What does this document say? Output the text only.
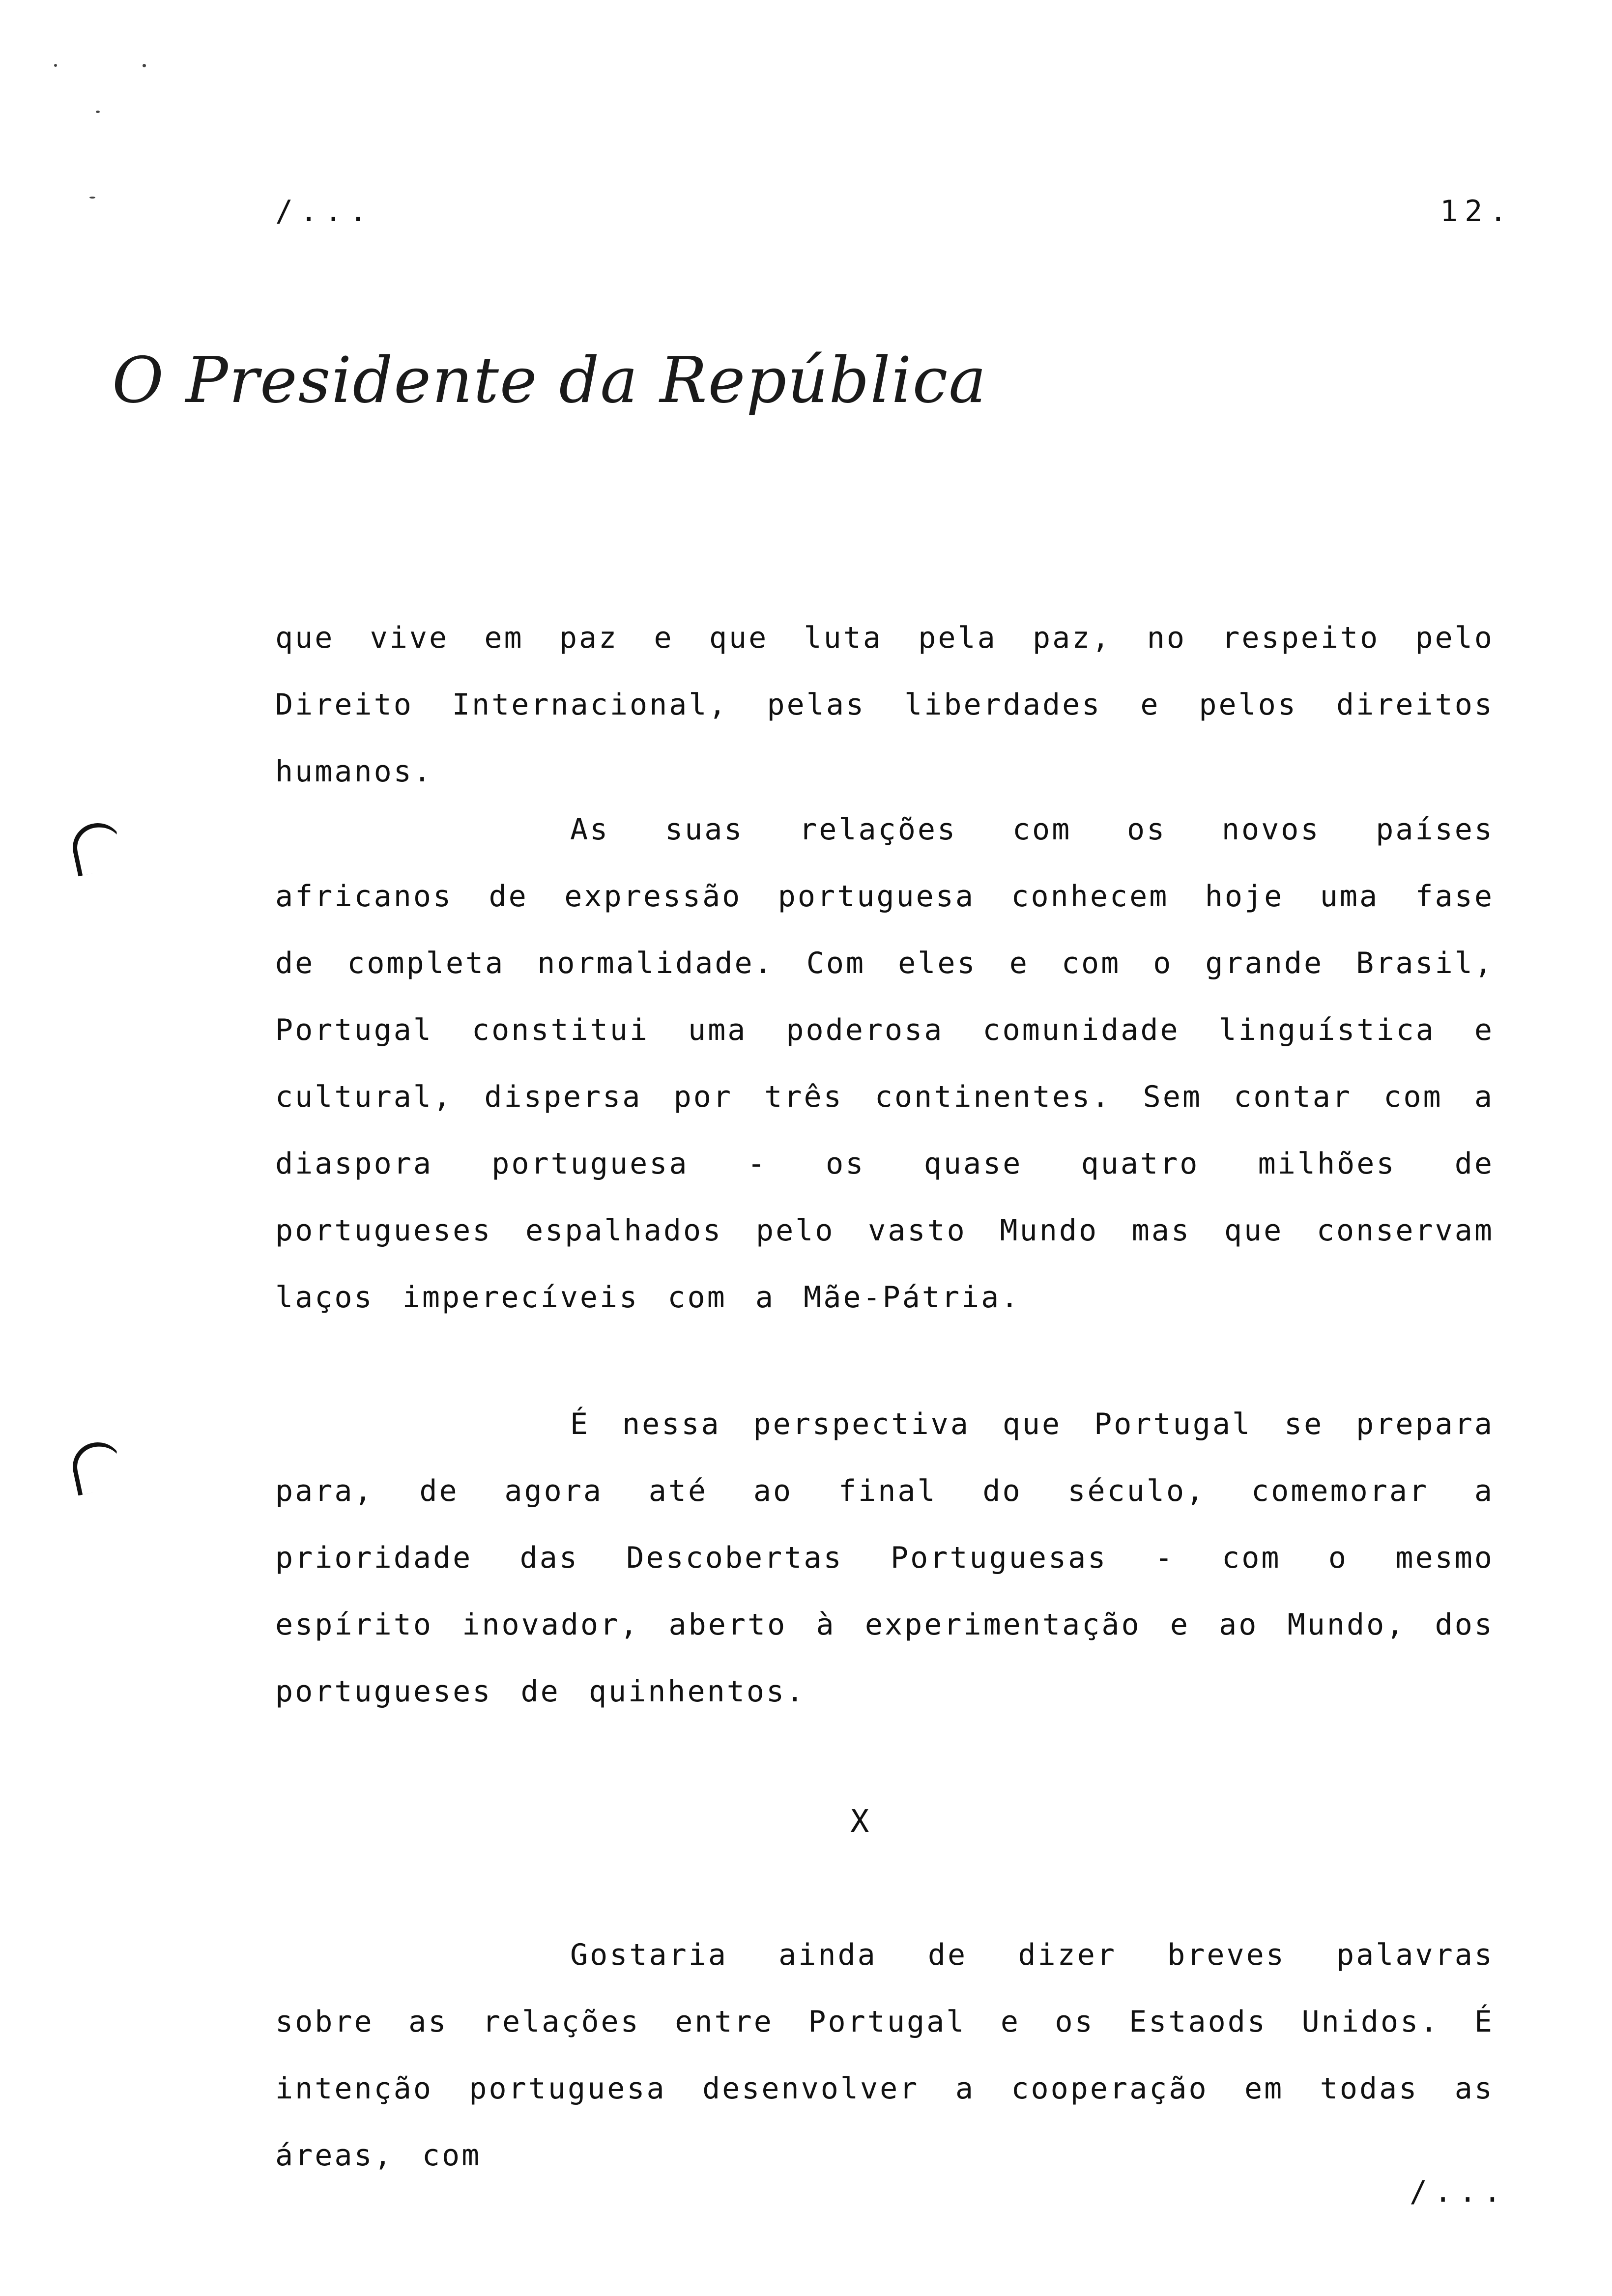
/...	12.
O Presidente da República
que vive em paz e que luta pela paz, no respeito pelo Direito Internacional, pelas liberdades e pelos direitos humanos.
As suas relações com os novos países africanos de expressão portuguesa conhecem hoje uma fase de completa normalidade. Com eles e com o grande Brasil, Portugal constitui uma poderosa comunidade linguística e cultural, dispersa por três continentes. Sem contar com a diaspora portuguesa - os quase quatro milhões de portugueses espalhados pelo vasto Mundo mas que conservam laços imperecíveis com a Mãe-Pátria.
É nessa perspectiva que Portugal se prepara para, de agora até ao final do século, comemorar a prioridade das Descobertas Portuguesas - com o mesmo espírito inovador, aberto à experimentação e ao Mundo, dos portugueses de quinhentos.
X
Gostaria ainda de dizer breves palavras sobre as relações entre Portugal e os Estaods Unidos. É intenção portuguesa desenvolver a cooperação em todas as áreas, com
/...
